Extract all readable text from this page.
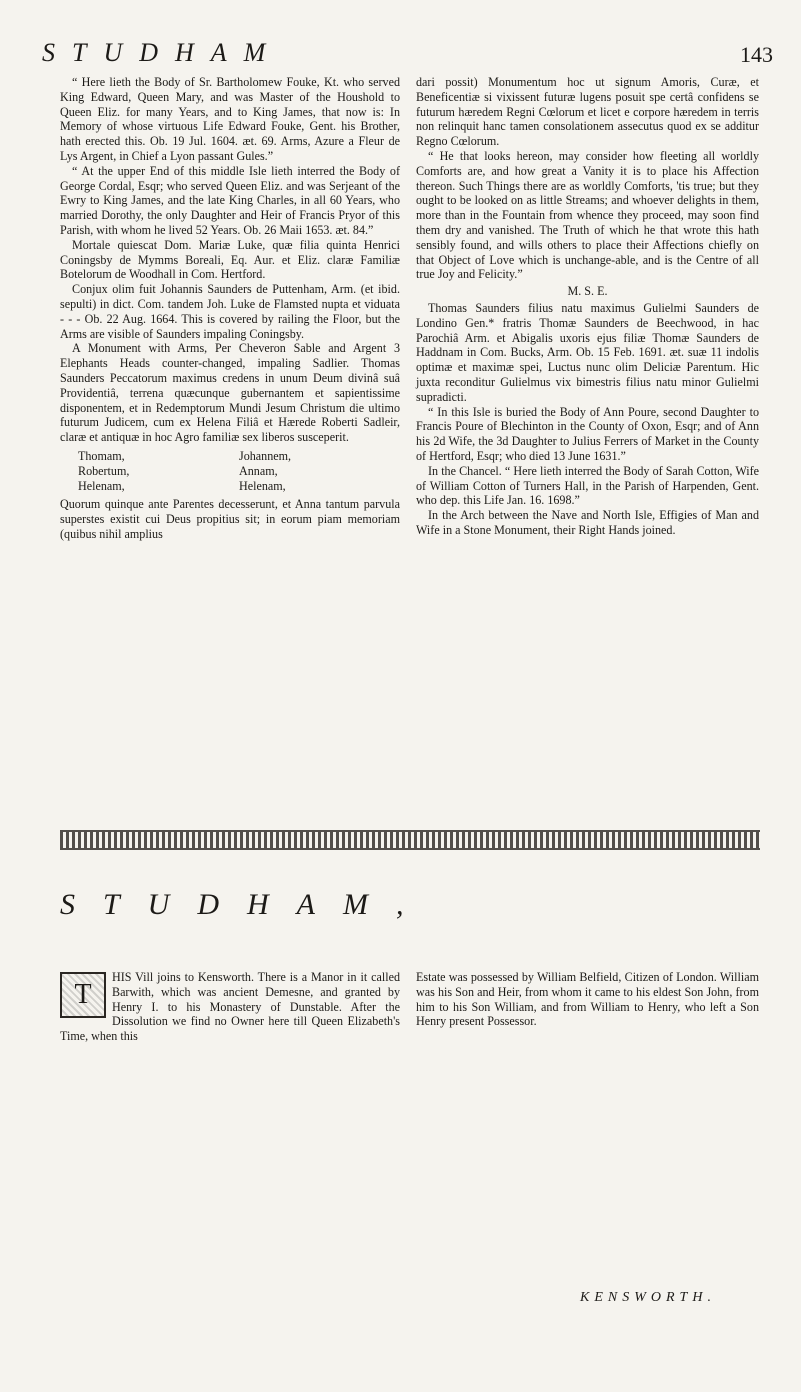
STUDHAM	143

“ Here lieth the Body of Sr. Bartholomew Fouke, Kt. who served King Edward, Queen Mary, and was Master of the Houshold to Queen Eliz. for many Years, and to King James, that now is: In Memory of whose virtuous Life Edward Fouke, Gent. his Brother, hath erected this. Ob. 19 Jul. 1604. æt. 69. Arms, Azure a Fleur de Lys Argent, in Chief a Lyon passant Gules.”

“ At the upper End of this middle Isle lieth interred the Body of George Cordal, Esqr; who served Queen Eliz. and was Serjeant of the Ewry to King James, and the late King Charles, in all 60 Years, who married Dorothy, the only Daughter and Heir of Francis Pryor of this Parish, with whom he lived 52 Years. Ob. 26 Maii 1653. æt. 84.”

Mortale quiescat Dom. Mariæ Luke, quæ filia quinta Henrici Coningsby de Mymms Boreali, Eq. Aur. et Eliz. claræ Familiæ Botelorum de Woodhall in Com. Hertford.

Conjux olim fuit Johannis Saunders de Puttenham, Arm. (et ibid. sepulti) in dict. Com. tandem Joh. Luke de Flamsted nupta et viduata - - - Ob. 22 Aug. 1664. This is covered by railing the Floor, but the Arms are visible of Saunders impaling Coningsby.

A Monument with Arms, Per Cheveron Sable and Argent 3 Elephants Heads counter-changed, impaling Sadlier. Thomas Saunders Peccatorum maximus credens in unum Deum divinâ suâ Providentiâ, terrena quæcunque gubernantem et sapientissime disponentem, et in Redemptorum Mundi Jesum Christum die ultimo futurum Judicem, cum ex Helena Filiâ et Hærede Roberti Sadleir, claræ et antiquæ in hoc Agro familiæ sex liberos susceperit.

Thomam,	Johannem,
Robertum,	Annam,
Helenam,	Helenam,

Quorum quinque ante Parentes decesserunt, et Anna tantum parvula superstes existit cui Deus propitius sit; in eorum piam memoriam (quibus nihil amplius

dari possit) Monumentum hoc ut signum Amoris, Curæ, et Beneficentiæ si vixissent futuræ lugens posuit spe certâ confidens se futurum hæredem Regni Cœlorum et licet e corpore hæredem in terris non relinquit hanc tamen consolationem assecutus quod ex se additur Regno Cœlorum.

“ He that looks hereon, may consider how fleeting all worldly Comforts are, and how great a Vanity it is to place his Affection thereon. Such Things there are as worldly Comforts, 'tis true; but they ought to be looked on as little Streams; and whoever delights in them, more than in the Fountain from whence they proceed, may soon find them dry and vanished. The Truth of which he that wrote this hath sensibly found, and wills others to place their Affections chiefly on that Object of Love which is unchange-able, and is the Centre of all true Joy and Felicity.”

M. S. E.

Thomas Saunders filius natu maximus Gulielmi Saunders de Londino Gen.* fratris Thomæ Saunders de Beechwood, in hac Parochiâ Arm. et Abigalis uxoris ejus filiæ Thomæ Saunders de Haddnam in Com. Bucks, Arm. Ob. 15 Feb. 1691. æt. suæ 11 indolis optimæ et maximæ spei, Luctus nunc olim Deliciæ Parentum. Hic juxta reconditur Gulielmus vix bimestris filius natu minor Gulielmi supradicti.

“ In this Isle is buried the Body of Ann Poure, second Daughter to Francis Poure of Blechinton in the County of Oxon, Esqr; and of Ann his 2d Wife, the 3d Daughter to Julius Ferrers of Market in the County of Hertford, Esqr; who died 13 June 1631.”

In the Chancel. “ Here lieth interred the Body of Sarah Cotton, Wife of William Cotton of Turners Hall, in the Parish of Harpenden, Gent. who dep. this Life Jan. 16. 1698.”

In the Arch between the Nave and North Isle, Effigies of Man and Wife in a Stone Monument, their Right Hands joined.

STUDHAM,

T
HIS Vill joins to Kensworth. There is a Manor in it called Barwith, which was ancient Demesne, and granted by Henry I. to his Monastery of Dunstable. After the Dissolution we find no Owner here till Queen Elizabeth's Time, when this

Estate was possessed by William Belfield, Citizen of London. William was his Son and Heir, from whom it came to his eldest Son John, from him to his Son William, and from William to Henry, who left a Son Henry present Possessor.

KENSWORTH.
